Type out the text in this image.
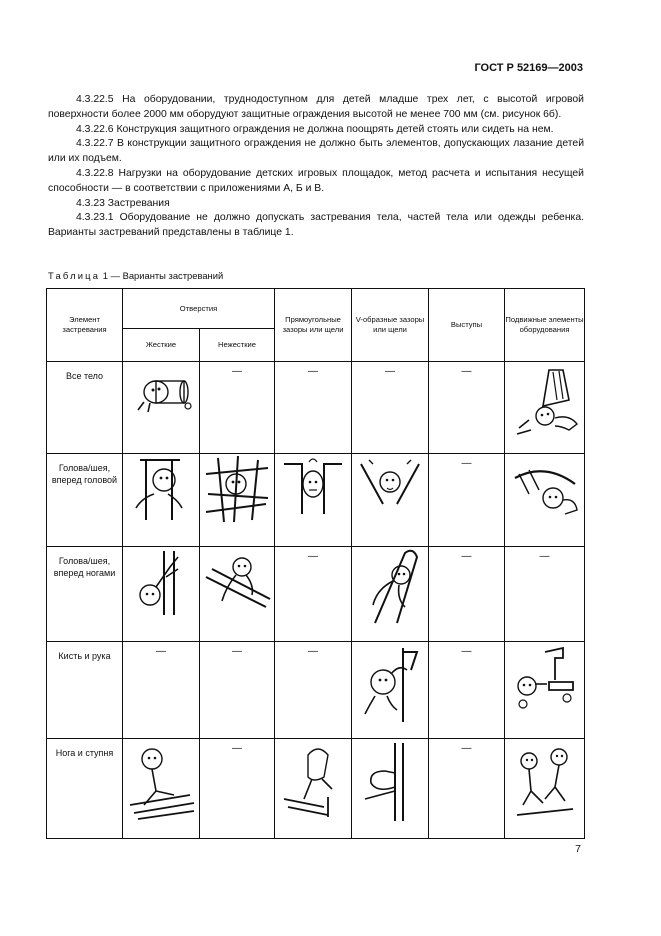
ГОСТ Р 52169—2003

4.3.22.5 На оборудовании, труднодоступном для детей младше трех лет, с высотой игровой поверхности более 2000 мм оборудуют защитные ограждения высотой не менее 700 мм (см. рисунок 6б).

4.3.22.6 Конструкция защитного ограждения не должна поощрять детей стоять или сидеть на нем.

4.3.22.7 В конструкции защитного ограждения не должно быть элементов, допускающих лазание детей или их подъем.

4.3.22.8 Нагрузки на оборудование детских игровых площадок, метод расчета и испытания несущей способности — в соответствии с приложениями А, Б и В.

4.3.23 Застревания

4.3.23.1 Оборудование не должно допускать застревания тела, частей тела или одежды ребенка. Варианты застреваний представлены в таблице 1.

Таблица 1 — Варианты застреваний
Элемент застревания	Отверстия		Прямоугольные зазоры или щели	V-образные зазоры или щели	Выступы	Подвижные элементы оборудования
	Жесткие	Нежесткие				
Все тело		—	—	—	—

Голова/шея, вперед головой					—

Голова/шея, вперед ногами			—		—	—

Кисть и рука	—	—	—		—

Нога и ступня		—			—

7
